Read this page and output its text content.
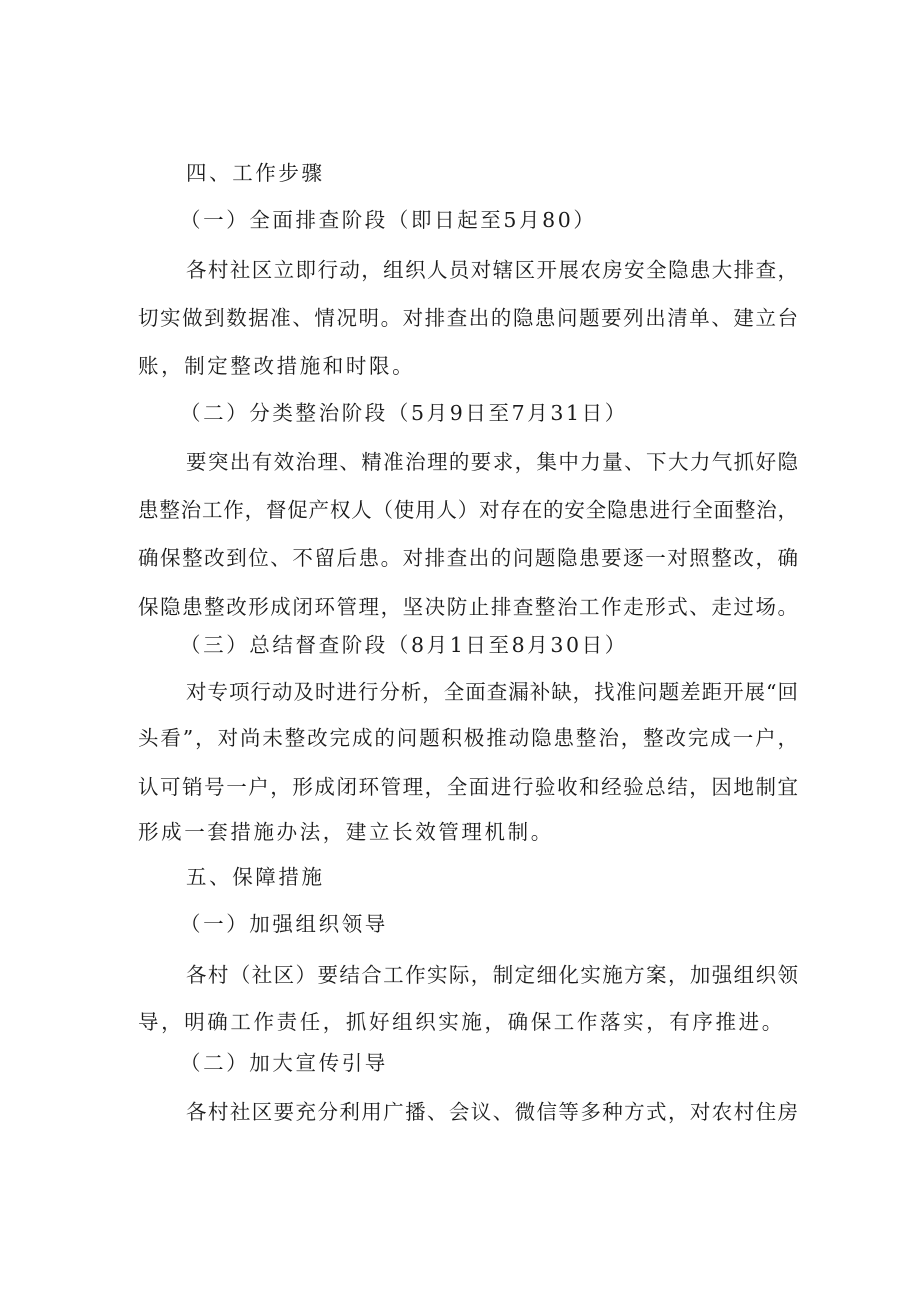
四、工作步骤
（一）全面排查阶段（即日起至5月80）
各村社区立即行动，组织人员对辖区开展农房安全隐患大排查，
切实做到数据准、情况明。对排查出的隐患问题要列出清单、建立台
账，制定整改措施和时限。
（二）分类整治阶段（5月9日至7月31日）
要突出有效治理、精准治理的要求，集中力量、下大力气抓好隐
患整治工作，督促产权人（使用人）对存在的安全隐患进行全面整治，
确保整改到位、不留后患。对排查出的问题隐患要逐一对照整改，确
保隐患整改形成闭环管理，坚决防止排查整治工作走形式、走过场。
（三）总结督查阶段（8月1日至8月30日）
对专项行动及时进行分析，全面查漏补缺，找准问题差距开展“回
头看”，对尚未整改完成的问题积极推动隐患整治，整改完成一户，
认可销号一户，形成闭环管理，全面进行验收和经验总结，因地制宜
形成一套措施办法，建立长效管理机制。
五、保障措施
（一）加强组织领导
各村（社区）要结合工作实际，制定细化实施方案，加强组织领
导，明确工作责任，抓好组织实施，确保工作落实，有序推进。
（二）加大宣传引导
各村社区要充分利用广播、会议、微信等多种方式，对农村住房
